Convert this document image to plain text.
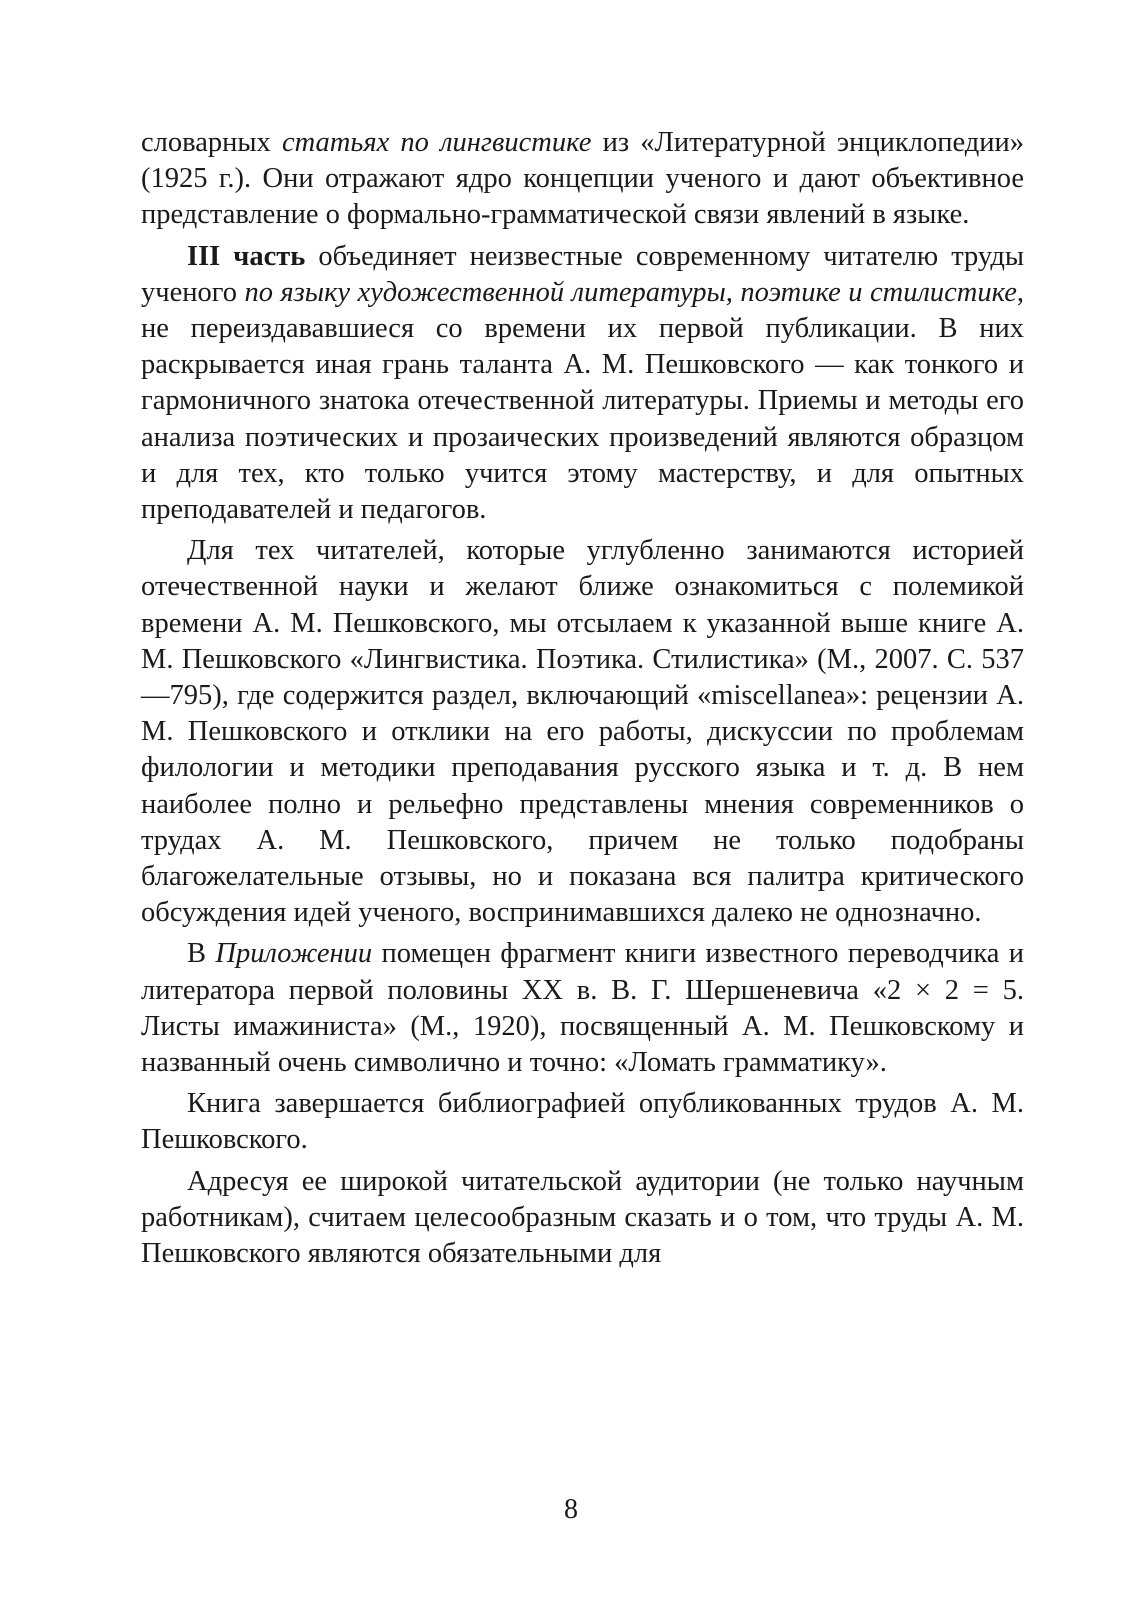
словарных статьях по лингвистике из «Литературной энциклопедии» (1925 г.). Они отражают ядро концепции ученого и дают объективное представление о формально-грамматической связи явлений в языке.

III часть объединяет неизвестные современному читателю труды ученого по языку художественной литературы, поэтике и стилистике, не переиздававшиеся со времени их первой публикации. В них раскрывается иная грань таланта А. М. Пешковского — как тонкого и гармоничного знатока отечественной литературы. Приемы и методы его анализа поэтических и прозаических произведений являются образцом и для тех, кто только учится этому мастерству, и для опытных преподавателей и педагогов.

Для тех читателей, которые углубленно занимаются историей отечественной науки и желают ближе ознакомиться с полемикой времени А. М. Пешковского, мы отсылаем к указанной выше книге А. М. Пешковского «Лингвистика. Поэтика. Стилистика» (М., 2007. С. 537—795), где содержится раздел, включающий «miscellanea»: рецензии А. М. Пешковского и отклики на его работы, дискуссии по проблемам филологии и методики преподавания русского языка и т. д. В нем наиболее полно и рельефно представлены мнения современников о трудах А. М. Пешковского, причем не только подобраны благожелательные отзывы, но и показана вся палитра критического обсуждения идей ученого, воспринимавшихся далеко не однозначно.

В Приложении помещен фрагмент книги известного переводчика и литератора первой половины XX в. В. Г. Шершеневича «2 × 2 = 5. Листы имажиниста» (М., 1920), посвященный А. М. Пешковскому и названный очень символично и точно: «Ломать грамматику».

Книга завершается библиографией опубликованных трудов А. М. Пешковского.

Адресуя ее широкой читательской аудитории (не только научным работникам), считаем целесообразным сказать и о том, что труды А. М. Пешковского являются обязательными для

8
